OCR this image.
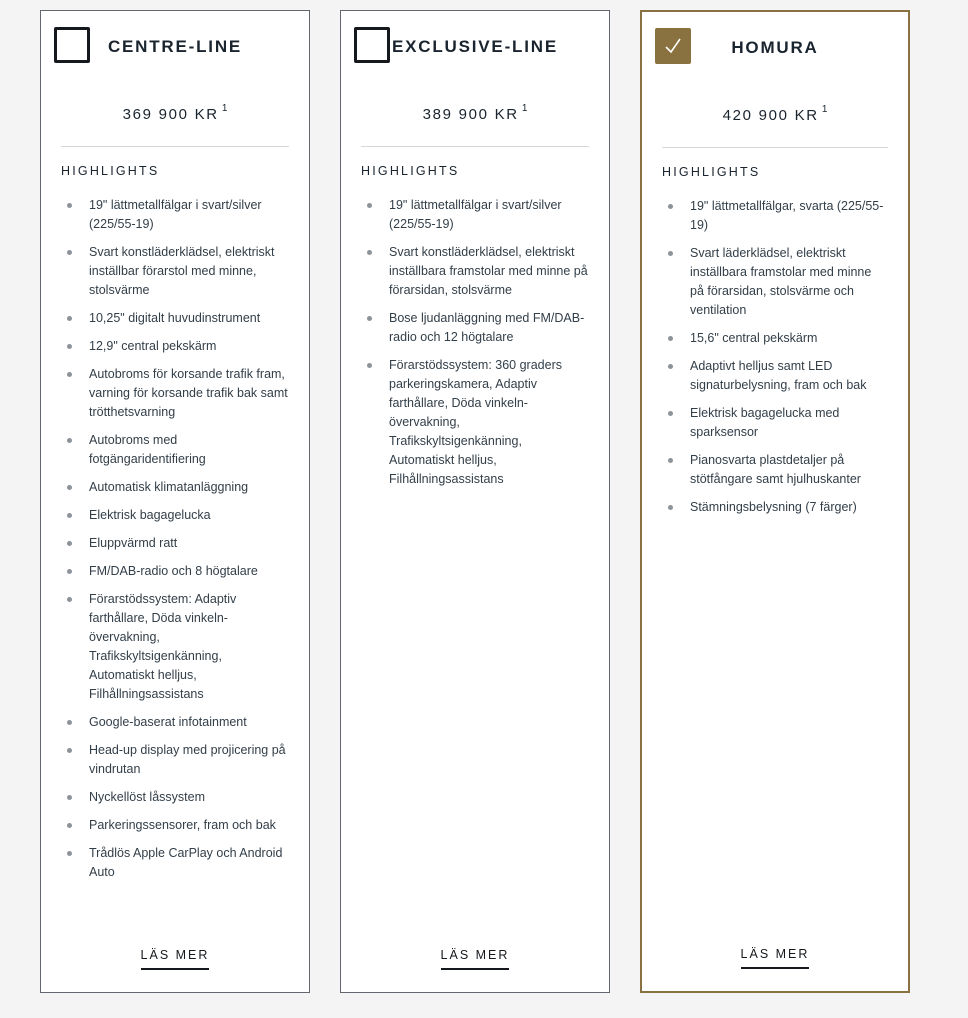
CENTRE-LINE
369 900 KR 1
HIGHLIGHTS
19" lättmetallfälgar i svart/silver (225/55-19)
Svart konstläderklädsel, elektriskt inställbar förarstol med minne, stolsvärme
10,25" digitalt huvudinstrument
12,9" central pekskärm
Autobroms för korsande trafik fram, varning för korsande trafik bak samt trötthetsvarning
Autobroms med fotgängaridentifiering
Automatisk klimatanläggning
Elektrisk bagagelucka
Eluppvärmd ratt
FM/DAB-radio och 8 högtalare
Förarstödssystem: Adaptiv farthållare, Döda vinkeln-övervakning, Trafikskyltsigenkänning, Automatiskt helljus, Filhållningsassistans
Google-baserat infotainment
Head-up display med projicering på vindrutan
Nyckellöst låssystem
Parkeringssensorer, fram och bak
Trådlös Apple CarPlay och Android Auto
LÄS MER
EXCLUSIVE-LINE
389 900 KR 1
HIGHLIGHTS
19" lättmetallfälgar i svart/silver (225/55-19)
Svart konstläderklädsel, elektriskt inställbara framstolar med minne på förarsidan, stolsvärme
Bose ljudanläggning med FM/DAB-radio och 12 högtalare
Förarstödssystem: 360 graders parkeringskamera, Adaptiv farthållare, Döda vinkeln-övervakning, Trafikskyltsigenkänning, Automatiskt helljus, Filhållningsassistans
LÄS MER
HOMURA
420 900 KR 1
HIGHLIGHTS
19" lättmetallfälgar, svarta (225/55-19)
Svart läderklädsel, elektriskt inställbara framstolar med minne på förarsidan, stolsvärme och ventilation
15,6" central pekskärm
Adaptivt helljus samt LED signaturbelysning, fram och bak
Elektrisk bagagelucka med sparksensor
Pianosvarta plastdetaljer på stötfångare samt hjulhuskanter
Stämningsbelysning (7 färger)
LÄS MER
